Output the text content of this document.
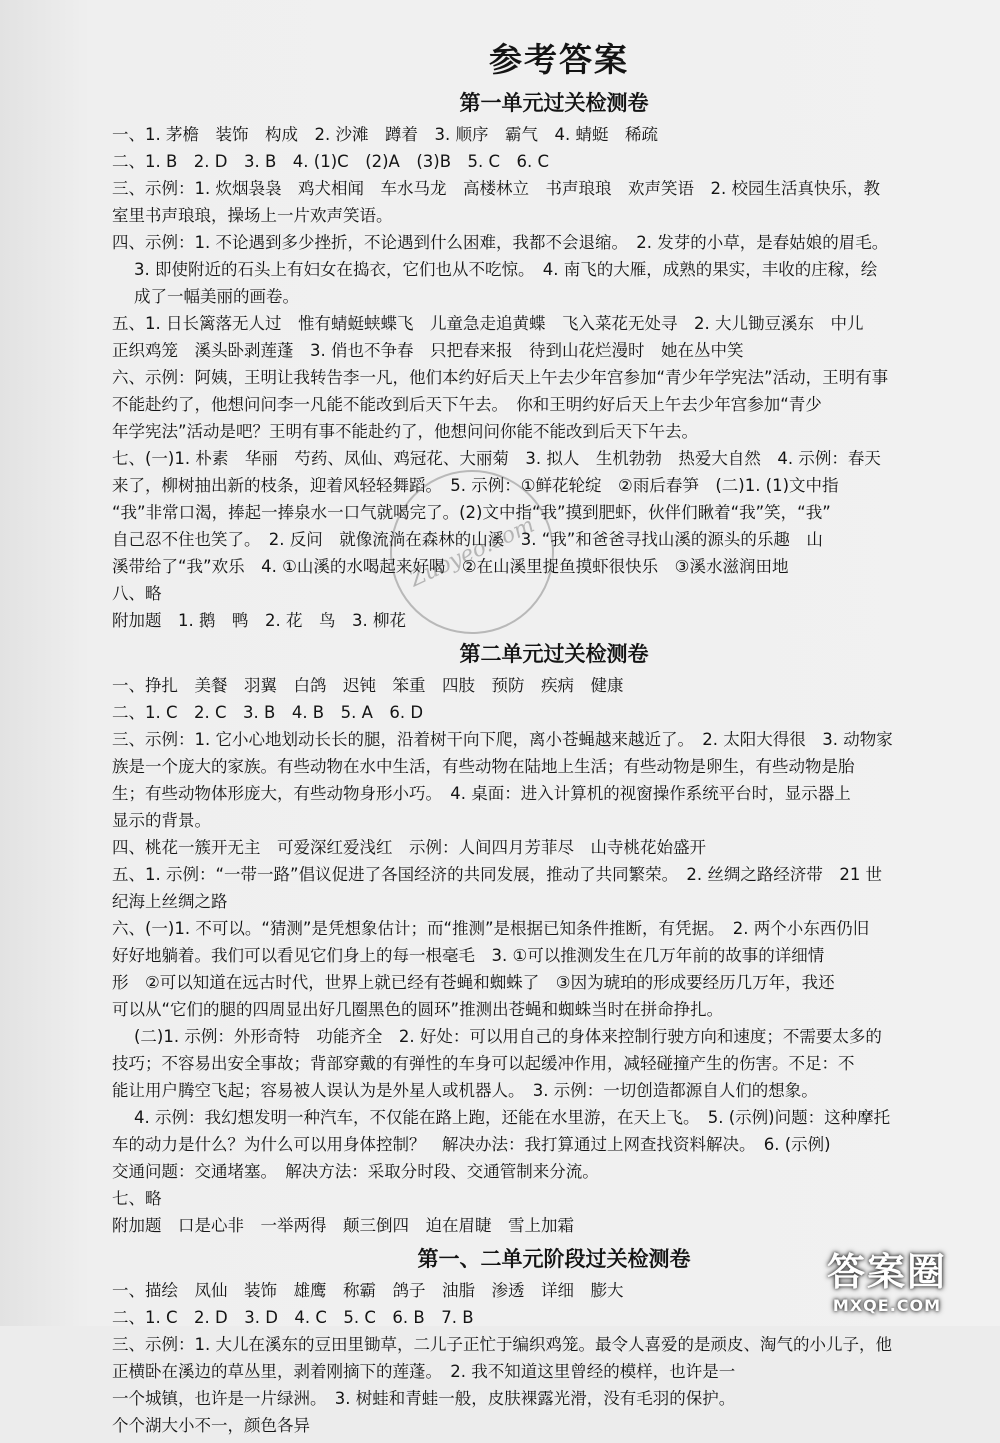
参考答案
第一单元过关检测卷
一、1. 茅檐　装饰　构成　2. 沙滩　蹲着　3. 顺序　霸气　4. 蜻蜓　稀疏
二、1. B　2. D　3. B　4. (1)C　(2)A　(3)B　5. C　6. C
三、示例：1. 炊烟袅袅　鸡犬相闻　车水马龙　高楼林立　书声琅琅　欢声笑语　2. 校园生活真快乐，教
室里书声琅琅，操场上一片欢声笑语。
四、示例：1. 不论遇到多少挫折，不论遇到什么困难，我都不会退缩。　2. 发芽的小草，是春姑娘的眉毛。
3. 即使附近的石头上有妇女在捣衣，它们也从不吃惊。　4. 南飞的大雁，成熟的果实，丰收的庄稼，绘
成了一幅美丽的画卷。
五、1. 日长篱落无人过　惟有蜻蜓蛱蝶飞　儿童急走追黄蝶　飞入菜花无处寻　2. 大儿锄豆溪东　中儿
正织鸡笼　溪头卧剥莲蓬　3. 俏也不争春　只把春来报　待到山花烂漫时　她在丛中笑
六、示例：阿姨，王明让我转告李一凡，他们本约好后天上午去少年宫参加“青少年学宪法”活动，王明有事
不能赴约了，他想问问李一凡能不能改到后天下午去。　你和王明约好后天上午去少年宫参加“青少
年学宪法”活动是吧？王明有事不能赴约了，他想问问你能不能改到后天下午去。
七、(一)1. 朴素　华丽　芍药、凤仙、鸡冠花、大丽菊　3. 拟人　生机勃勃　热爱大自然　4. 示例：春天
来了，柳树抽出新的枝条，迎着风轻轻舞蹈。　5. 示例：①鲜花轮绽　②雨后春笋　(二)1. (1)文中指
“我”非常口渴，捧起一捧泉水一口气就喝完了。(2)文中指“我”摸到肥虾，伙伴们瞅着“我”笑，“我”
自己忍不住也笑了。　2. 反问　就像流淌在森林的山溪　3. “我”和爸爸寻找山溪的源头的乐趣　山
溪带给了“我”欢乐　4. ①山溪的水喝起来好喝　②在山溪里捉鱼摸虾很快乐　③溪水滋润田地
八、略
附加题　1. 鹅　鸭　2. 花　鸟　3. 柳花
第二单元过关检测卷
一、挣扎　美餐　羽翼　白鸽　迟钝　笨重　四肢　预防　疾病　健康
二、1. C　2. C　3. B　4. B　5. A　6. D
三、示例：1. 它小心地划动长长的腿，沿着树干向下爬，离小苍蝇越来越近了。　2. 太阳大得很　3. 动物家
族是一个庞大的家族。有些动物在水中生活，有些动物在陆地上生活；有些动物是卵生，有些动物是胎
生；有些动物体形庞大，有些动物身形小巧。　4. 桌面：进入计算机的视窗操作系统平台时，显示器上
显示的背景。
四、桃花一簇开无主　可爱深红爱浅红　示例：人间四月芳菲尽　山寺桃花始盛开
五、1. 示例：“一带一路”倡议促进了各国经济的共同发展，推动了共同繁荣。　2. 丝绸之路经济带　21 世
纪海上丝绸之路
六、(一)1. 不可以。“猜测”是凭想象估计；而“推测”是根据已知条件推断，有凭据。　2. 两个小东西仍旧
好好地躺着。我们可以看见它们身上的每一根毫毛　3. ①可以推测发生在几万年前的故事的详细情
形　②可以知道在远古时代，世界上就已经有苍蝇和蜘蛛了　③因为琥珀的形成要经历几万年，我还
可以从“它们的腿的四周显出好几圈黑色的圆环”推测出苍蝇和蜘蛛当时在拼命挣扎。
(二)1. 示例：外形奇特　功能齐全　2. 好处：可以用自己的身体来控制行驶方向和速度；不需要太多的
技巧；不容易出安全事故；背部穿戴的有弹性的车身可以起缓冲作用，减轻碰撞产生的伤害。不足：不
能让用户腾空飞起；容易被人误认为是外星人或机器人。　3. 示例：一切创造都源自人们的想象。
4. 示例：我幻想发明一种汽车，不仅能在路上跑，还能在水里游，在天上飞。　5. (示例)问题：这种摩托
车的动力是什么？为什么可以用身体控制？　解决办法：我打算通过上网查找资料解决。　6. (示例)
交通问题：交通堵塞。　解决方法：采取分时段、交通管制来分流。
七、略
附加题　口是心非　一举两得　颠三倒四　迫在眉睫　雪上加霜
第一、二单元阶段过关检测卷
一、描绘　凤仙　装饰　雄鹰　称霸　鸽子　油脂　渗透　详细　膨大
二、1. C　2. D　3. D　4. C　5. C　6. B　7. B
三、示例：1. 大儿在溪东的豆田里锄草，二儿子正忙于编织鸡笼。最令人喜爱的是顽皮、淘气的小儿子，他
正横卧在溪边的草丛里，剥着刚摘下的莲蓬。　2. 我不知道这里曾经的模样，也许是一
一个城镇，也许是一片绿洲。　3. 树蛙和青蛙一般，皮肤裸露光滑，没有毛羽的保护。
个个湖大小不一，颜色各异
Zuoyeo.com
答案圈
MXQE.COM
